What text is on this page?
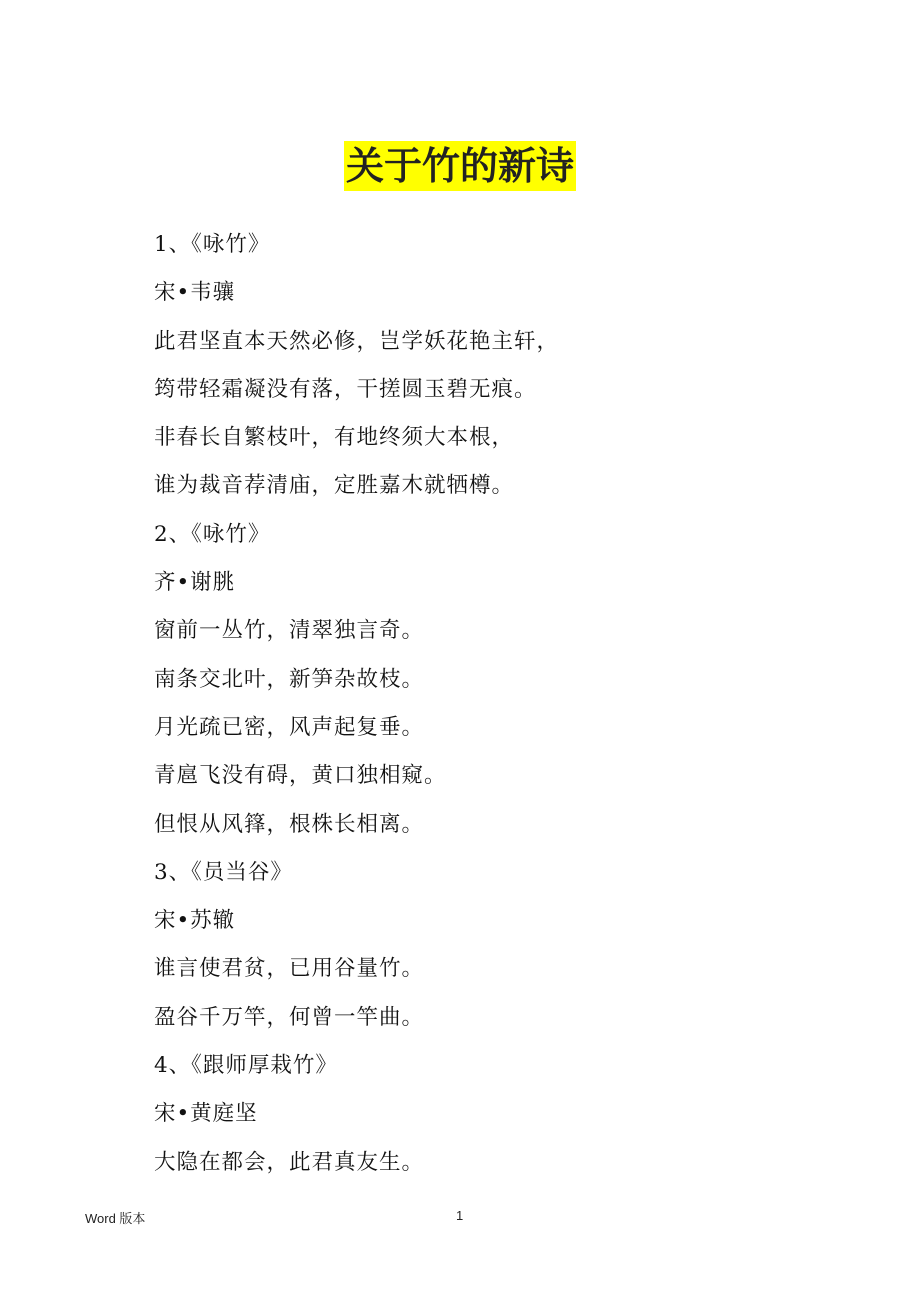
关于竹的新诗
1、《咏竹》
宋•韦骧
此君坚直本天然必修，岂学妖花艳主轩，
筠带轻霜凝没有落，干搓圆玉碧无痕。
非春长自繁枝叶，有地终须大本根，
谁为裁音荐清庙，定胜嘉木就牺樽。
2、《咏竹》
齐•谢朓
窗前一丛竹，清翠独言奇。
南条交北叶，新笋杂故枝。
月光疏已密，风声起复垂。
青扈飞没有碍，黄口独相窥。
但恨从风箨，根株长相离。
3、《员当谷》
宋•苏辙
谁言使君贫，已用谷量竹。
盈谷千万竿，何曾一竿曲。
4、《跟师厚栽竹》
宋•黄庭坚
大隐在都会，此君真友生。
Word 版本	1
